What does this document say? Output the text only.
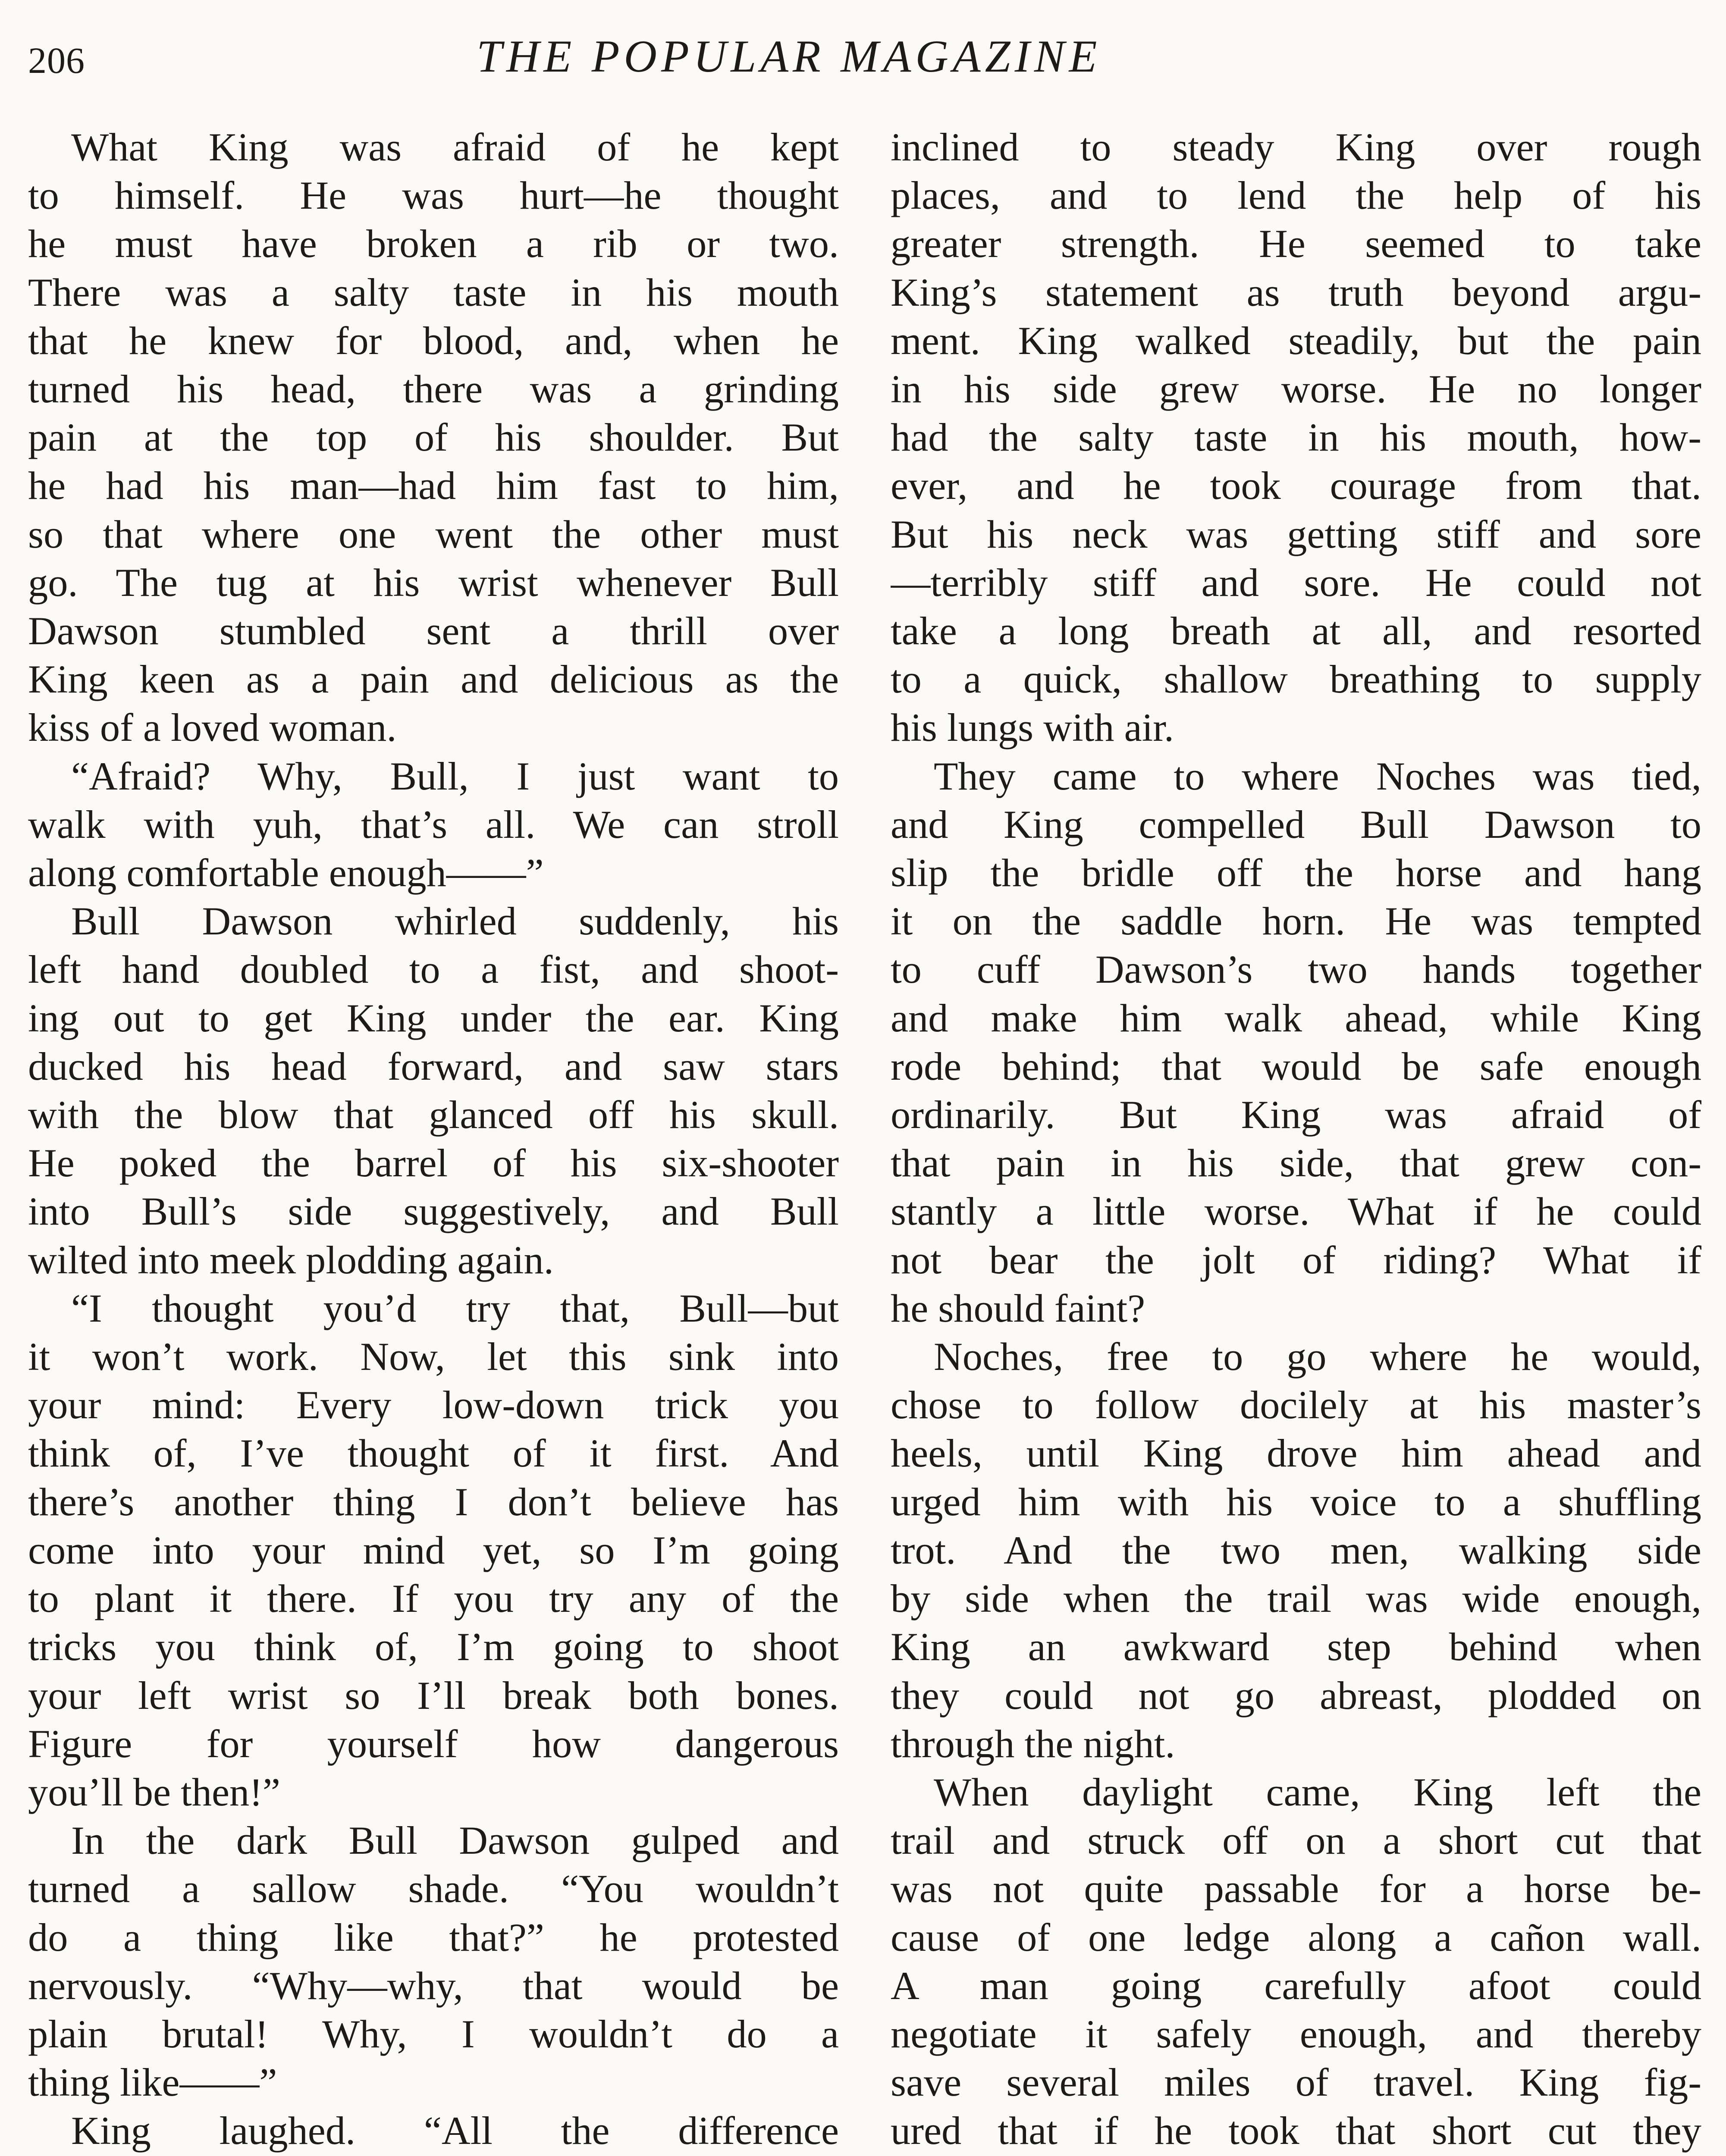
206	THE POPULAR MAGAZINE
What King was afraid of he kept
to himself. He was hurt—he thought
he must have broken a rib or two.
There was a salty taste in his mouth
that he knew for blood, and, when he
turned his head, there was a grinding
pain at the top of his shoulder. But
he had his man—had him fast to him,
so that where one went the other must
go. The tug at his wrist whenever Bull
Dawson stumbled sent a thrill over
King keen as a pain and delicious as the
kiss of a loved woman.
“Afraid? Why, Bull, I just want to
walk with yuh, that’s all. We can stroll
along comfortable enough——”
Bull Dawson whirled suddenly, his
left hand doubled to a fist, and shoot-
ing out to get King under the ear. King
ducked his head forward, and saw stars
with the blow that glanced off his skull.
He poked the barrel of his six-shooter
into Bull’s side suggestively, and Bull
wilted into meek plodding again.
“I thought you’d try that, Bull—but
it won’t work. Now, let this sink into
your mind: Every low-down trick you
think of, I’ve thought of it first. And
there’s another thing I don’t believe has
come into your mind yet, so I’m going
to plant it there. If you try any of the
tricks you think of, I’m going to shoot
your left wrist so I’ll break both bones.
Figure for yourself how dangerous
you’ll be then!”
In the dark Bull Dawson gulped and
turned a sallow shade. “You wouldn’t
do a thing like that?” he protested
nervously. “Why—why, that would be
plain brutal! Why, I wouldn’t do a
thing like——”
King laughed. “All the difference
inclined to steady King over rough
places, and to lend the help of his
greater strength. He seemed to take
King’s statement as truth beyond argu-
ment. King walked steadily, but the pain
in his side grew worse. He no longer
had the salty taste in his mouth, how-
ever, and he took courage from that.
But his neck was getting stiff and sore
—terribly stiff and sore. He could not
take a long breath at all, and resorted
to a quick, shallow breathing to supply
his lungs with air.
They came to where Noches was tied,
and King compelled Bull Dawson to
slip the bridle off the horse and hang
it on the saddle horn. He was tempted
to cuff Dawson’s two hands together
and make him walk ahead, while King
rode behind; that would be safe enough
ordinarily. But King was afraid of
that pain in his side, that grew con-
stantly a little worse. What if he could
not bear the jolt of riding? What if
he should faint?
Noches, free to go where he would,
chose to follow docilely at his master’s
heels, until King drove him ahead and
urged him with his voice to a shuffling
trot. And the two men, walking side
by side when the trail was wide enough,
King an awkward step behind when
they could not go abreast, plodded on
through the night.
When daylight came, King left the
trail and struck off on a short cut that
was not quite passable for a horse be-
cause of one ledge along a cañon wall.
A man going carefully afoot could
negotiate it safely enough, and thereby
save several miles of travel. King fig-
ured that if he took that short cut they
